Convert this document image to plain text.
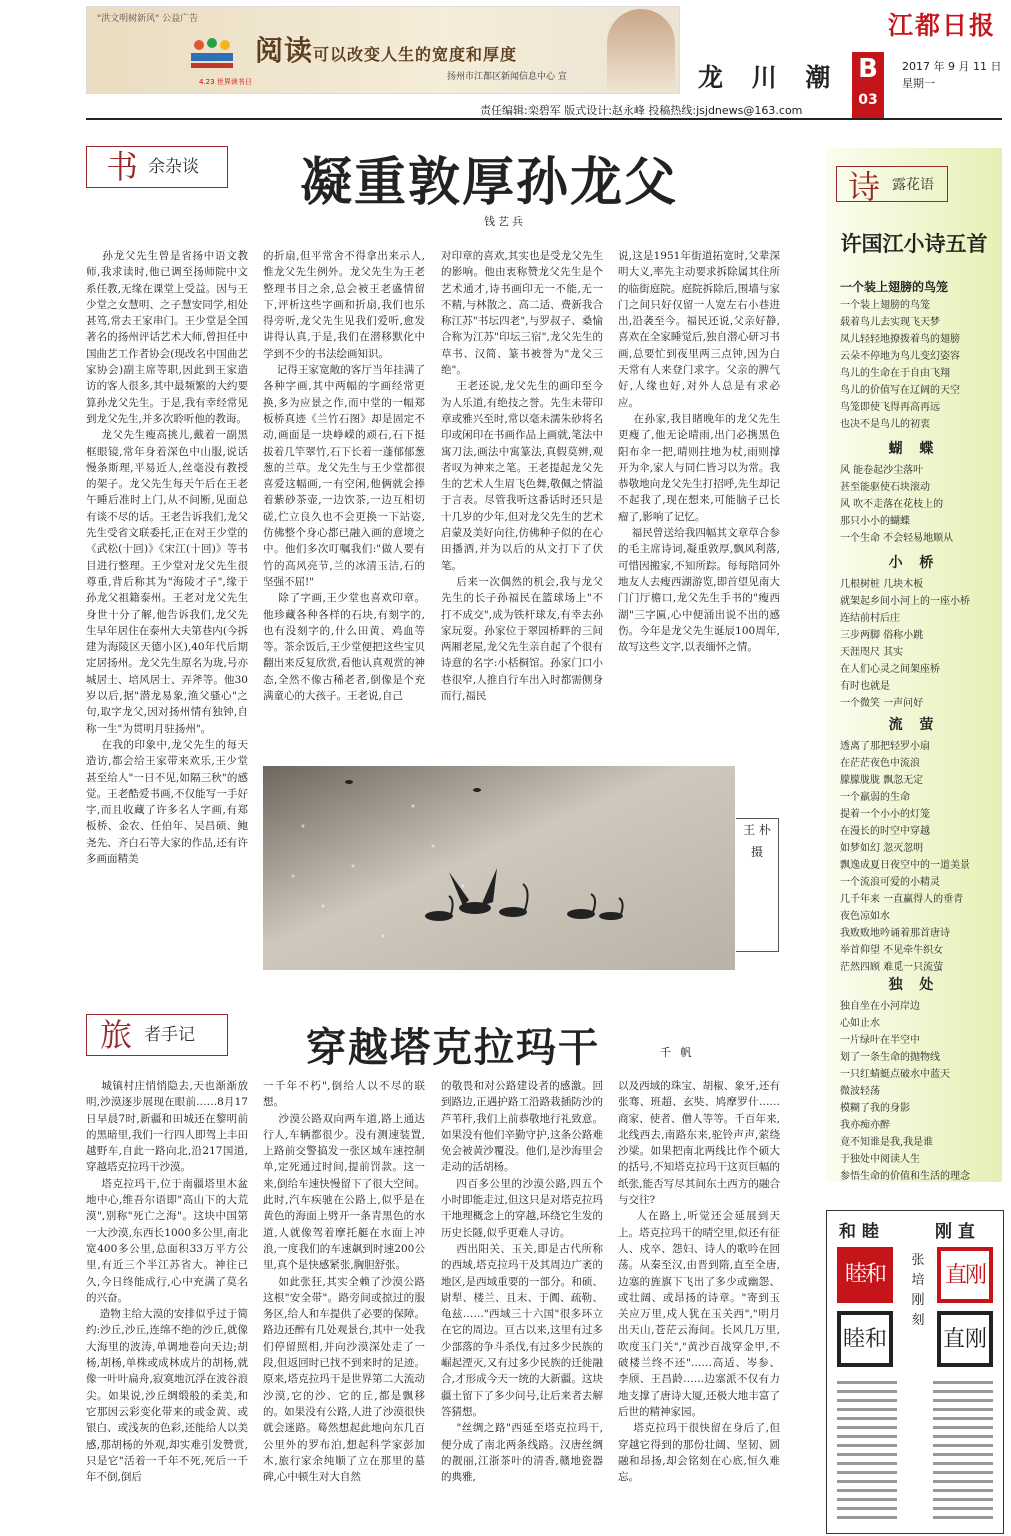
"洪文明树新风" 公益广告
4.23 世界读书日
阅读可以改变人生的宽度和厚度
扬州市江都区新闻信息中心 宣
江都日报
龙 川 潮 B
03
2017 年 9 月 11 日
星期一
责任编辑:栾碧军 版式设计:赵永峰 投稿热线:jsjdnews@163.com
书 余杂谈 凝重敦厚孙龙父
钱艺兵

孙龙父先生曾是省扬中语文教师,我求读时,他已调至扬师院中文系任教,无缘在课堂上受益。因与王少堂之女慧明、之子慧安同学,相处甚笃,常去王家串门。王少堂是全国著名的扬州评话艺术大师,曾担任中国曲艺工作者协会(现改名中国曲艺家协会)副主席等职,因此到王家造访的客人很多,其中最频繁的大约要算孙龙父先生。于是,我有幸经常见到龙父先生,并多次聆听他的教诲。
龙父先生瘦高挑儿,戴着一副黑框眼镜,常年身着深色中山服,说话慢条斯理,平易近人,丝毫没有教授的架子。龙父先生每天午后在王老午睡后准时上门,从不间断,见面总有谈不尽的话。王老告诉我们,龙父先生受省文联委托,正在对王少堂的《武松(十回)》《宋江(十回)》等书目进行整理。王少堂对龙父先生很尊重,背后称其为"海陵才子",缘于孙龙父祖籍泰州。王老对龙父先生身世十分了解,他告诉我们,龙父先生早年居住在泰州大夫第巷内(今拆建为海陵区天德小区),40年代后期定居扬州。龙父先生原名为珑,号亦城居士、培风居士、弄斧等。他30岁以后,据"潜龙易象,渔父骚心"之句,取字龙父,因对扬州情有独钟,自称一生"为贯明月驻扬州"。
在我的印象中,龙父先生的每天造访,都会给王家带来欢乐,王少堂甚至给人"一日不见,如隔三秋"的感觉。王老酷爱书画,不仅能写一手好字,而且收藏了许多名人字画,有郑板桥、金农、任伯年、吴昌硕、鲍尧先、齐白石等大家的作品,还有许多画面精美

的折扇,但平常舍不得拿出来示人,惟龙父先生例外。龙父先生为王老整理书目之余,总会被王老盛情留下,评析这些字画和折扇,我们也乐得旁听,龙父先生见我们爱听,愈发讲得认真,于是,我们在潜移默化中学到不少的书法绘画知识。
记得王家宽敞的客厅当年挂满了各种字画,其中两幅的字画经常更换,多为应景之作,而中堂的一幅郑板桥真迹《兰竹石图》却是固定不动,画面是一块峥嵘的顽石,石下挺拔着几竿翠竹,石下长着一蓬郁郁葱葱的兰草。龙父先生与王少堂都很喜爱这幅画,一有空闲,他俩就会捧着紫砂茶壶,一边饮茶,一边互相切磋,伫立良久也不会更换一下站姿,仿佛整个身心都已融入画的意境之中。他们多次叮嘱我们:"做人要有竹的高风亮节,兰的冰清玉洁,石的坚强不屈!"
除了字画,王少堂也喜欢印章。他珍藏各种各样的石块,有刻字的,也有没刻字的,什么田黄、鸡血等等。茶余饭后,王少堂便把这些宝贝翻出来反复欣赏,看他认真观赏的神态,全然不像古稀老者,倒像是个充满童心的大孩子。王老说,自己

对印章的喜欢,其实也是受龙父先生的影响。他由衷称赞龙父先生是个艺术通才,诗书画印无一不能,无一不精,与林散之、高二适、费新我合称江苏"书坛四老",与罗叔子、桑愉合称为江苏"印坛三宿",龙父先生的草书、汉简、篆书被誉为"龙父三绝"。
王老还说,龙父先生的画印至今为人乐道,有绝技之誉。先生未带印章或雅兴至时,常以毫未濡朱砂将名印或闲印在书画作品上画就,笔法中寓刀法,画法中寓篆法,真假莫辨,观者叹为神来之笔。王老提起龙父先生的艺术人生眉飞色舞,敬佩之情溢于言表。尽管我听这番话时还只是十几岁的少年,但对龙父先生的艺术启蒙及美好向往,仿佛种子似的在心田播洒,并为以后的从文打下了伏笔。
后来一次偶然的机会,我与龙父先生的长子孙福民在篮球场上"不打不成交",成为铁杆球友,有幸去孙家玩耍。孙家位于翠园桥畔的三间两厢老屋,龙父先生亲自起了个很有诗意的名字:小栝桐馆。孙家门口小巷很窄,人推自行车出入时都需侧身而行,福民

说,这是1951年街道拓宽时,父辈深明大义,率先主动要求拆除属其住所的临街庭院。庭院拆除后,围墙与家门之间只好仅留一人宽左右小巷进出,沿袭至今。福民还说,父亲好静,喜欢在全家睡觉后,独自潜心研习书画,总要忙到夜里两三点钟,因为白天常有人来登门求字。父亲的脾气好,人缘也好,对外人总是有求必应。
在孙家,我目睹晚年的龙父先生更瘦了,他无论晴雨,出门必携黑色阳布伞一把,晴则拄地为杖,雨则撑开为伞,家人与同仁皆习以为常。我恭敬地向龙父先生打招呼,先生却记不起我了,现在想来,可能脑子已长瘤了,影响了记忆。
福民曾送给我四幅其文章草合参的毛主席诗词,凝重敦厚,飘风利落,可惜因搬家,不知所踪。每每陪同外地友人去瘦西湖游览,即首望见南大门门厅檐口,龙父先生手书的"瘦西湖"三字匾,心中便涌出说不出的感伤。今年是龙父先生诞辰100周年,故写这些文字,以表缅怀之情。

王 朴 摄
旅 者手记	穿越塔克拉玛干	千 帆

城镇村庄悄悄隐去,天也渐渐放明,沙漠逐步展现在眼前……8月17日早晨7时,新疆和田城还在黎明前的黑暗里,我们一行四人即驾上丰田越野车,自此一路向北,沿217国道,穿越塔克拉玛干沙漠。
塔克拉玛干,位于南疆塔里木盆地中心,维吾尔语即"高山下的大荒漠",别称"死亡之海"。这块中国第一大沙漠,东西长1000多公里,南北宽400多公里,总面积33万平方公里,有近三个半江苏省大。神往已久,今日终能成行,心中充满了莫名的兴奋。
造物主给大漠的安排似乎过于简约:沙丘,沙丘,连绵不绝的沙丘,就像大海里的波涛,单调地卷向天边;胡杨,胡杨,单株或成林成片的胡杨,就像一叶叶扁舟,寂寞地沉浮在波谷浪尖。如果说,沙丘绸缎般的柔美,和它那因云彩变化带来的或金黄、或银白、或浅灰的色彩,还能给人以美感,那胡杨的外观,却实难引发赞赏,只是它"活着一千年不死,死后一千年不倒,倒后

一千年不朽",倒给人以不尽的联想。
沙漠公路双向两车道,路上通达行人,车辆都很少。没有测速装置,上路前交警搞发一张区域车速控制单,定死通过时间,提前罚款。这一来,倒给车速快慢留下了很大空间。此时,汽车疾驰在公路上,似乎是在黄色的海面上劈开一条青黑色的水道,人就像驾着摩托艇在水面上冲浪,一度我们的车速飙到时速200公里,真个是快感紧张,胸胆舒张。
如此张狂,其实全赖了沙漠公路这根"安全带"。路旁间或掠过的服务区,给人和车提供了必要的保障。路边还醉有几处观景台,其中一处我们停留照相,并向沙漠深处走了一段,但返回时已找不到来时的足迹。原来,塔克拉玛干是世界第二大流动沙漠,它的沙、它的丘,都是飘移的。如果没有公路,人进了沙漠很快就会迷路。蓦然想起此地向东几百公里外的罗布泊,想起科学家彭加木,旅行家余纯顺了立在那里的墓碑,心中顿生对大自然

的敬畏和对公路建设者的感激。回到路边,正遇护路工沿路栽插防沙的芦苇秆,我们上前恭敬地行礼致意。如果没有他们辛勤守护,这条公路难免会被黄沙覆没。他们,是沙海里会走动的活胡杨。
四百多公里的沙漠公路,四五个小时即能走过,但这只是对塔克拉玛干地理概念上的穿越,环绕它生发的历史长隧,似乎更难人寻访。
西出阳关、玉关,即是古代所称的西域,塔克拉玛干及其周边广袤的地区,是西域重要的一部分。和硕、尉犁、楼兰、且末、于阗、疏勒、龟兹……"西域三十六国"很多环立在它的周边。亘古以来,这里有过多少部落的争斗杀伐,有过多少民族的崛起湮灭,又有过多少民族的迁徙融合,才形成今天一统的大新疆。这块疆土留下了多少问号,让后来者去解答猜想。
"丝绸之路"西延至塔克拉玛干,便分成了南北两条线路。汉唐丝绸的靓丽,江浙茶叶的清香,赣地瓷器的典雅,

以及西域的珠宝、胡椒、象牙,还有张骞、班超、玄奘、鸠摩罗什……商家、使者、僧人等等。千百年来,北线西去,南路东来,驼铃声声,萦绕沙梁。如果把南北两线比作个硕大的括号,不知塔克拉玛干这页巨幅的纸张,能否写尽其间东土西方的融合与交往?
人在路上,听觉还会延展到天上。塔克拉玛干的晴空里,似还有征人、戍卒、怨妇、诗人的歌吟在回荡。从秦至汉,由晋到隋,直至全唐,边塞的旌旗下飞出了多少或幽怨、或壮阔、或昂扬的诗章。"寄到玉关应万里,戍人犹在玉关西","明月出天山,苍茫云海间。长风几万里,吹度玉门关","黄沙百战穿金甲,不破楼兰终不还"……高适、岑参、李颀、王昌龄……边塞派不仅有力地支撑了唐诗大厦,还极大地丰富了后世的精神家园。
塔克拉玛干很快留在身后了,但穿越它得到的那份壮阔、坚韧、圆融和昂扬,却会铭刻在心底,恒久难忘。

诗 露花语
许国江小诗五首
一个装上翅膀的鸟笼

一个装上翅膀的鸟笼

载着鸟儿去实现飞天梦

凤儿轻轻地撩拨着鸟的翅膀

云朵不停地为鸟儿变幻姿容

鸟儿的生命在于自由飞翔

鸟儿的价值写在辽阔的天空

鸟笼即使飞得再高再远

也决不是鸟儿的初衷

蝴 蝶

风 能卷起沙尘落叶

甚至能驱使石块滚动

风 吹不走落在花枝上的

那只小小的蝴蝶

一个生命 不会轻易地顺从

小 桥

几根树桩 几块木板

就架起乡间小河上的一座小桥

连结前村后庄

三步两脚 俗称小跳

天涯咫尺 其实

在人们心灵之间架座桥

有时也就是

一个微笑 一声问好

流 萤

透离了那把轻罗小扇

在茫茫夜色中流浪

朦朦胧胧 飘忽无定

一个羸弱的生命

提着一个小小的灯笼

在漫长的时空中穿越

如梦如幻 忽灭忽明

飘逸成夏日夜空中的一道美景

一个流浪可爱的小精灵

几千年来 一直赢得人的垂青

夜色凉如水

我败败地吟诵着那首唐诗

举首仰望 不见牵牛织女

茫然四顾 难觅一只流萤

独 处

独自坐在小河岸边

心如止水

一片绿叶在半空中

划了一条生命的抛物线

一只红蜻蜓点破水中蓝天

微波轻荡

模糊了我的身影

我亦痴亦醉

竟不知谁是我,我是谁

于独处中阅读人生

参悟生命的价值和生活的理念

和 睦	刚 直
睦和	直刚
睦和	直刚
张培刚刻
